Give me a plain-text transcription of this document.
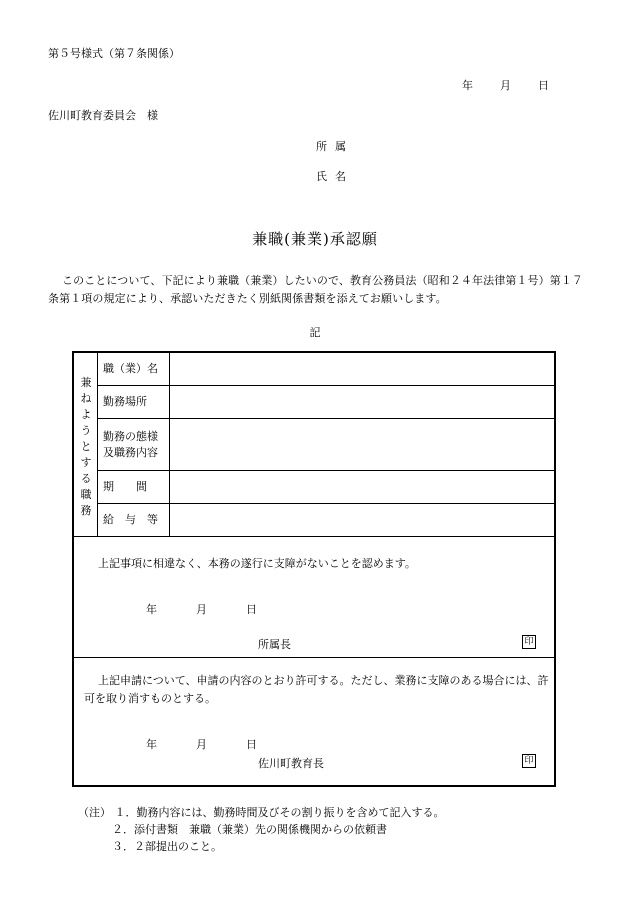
第５号様式（第７条関係）
年 月 日
佐川町教育委員会　様
所属
氏名
兼職(兼業)承認願
このことについて、下記により兼職（兼業）したいので、教育公務員法（昭和２４年法律第１号）第１７条第１項の規定により、承認いただきたく別紙関係書類を添えてお願いします。
記
兼ねようとする職務
職（業）名
勤務場所
勤務の態様及職務内容
期　　間
給　与　等
上記事項に相違なく、本務の遂行に支障がないことを認めます。
年	月	日
所属長	印
上記申請について、申請の内容のとおり許可する。ただし、業務に支障のある場合には、許可を取り消すものとする。
年	月	日
佐川町教育長	印
（注） １．勤務内容には、勤務時間及びその割り振りを含めて記入する。
２．添付書類　兼職（兼業）先の関係機関からの依頼書
３．２部提出のこと。
